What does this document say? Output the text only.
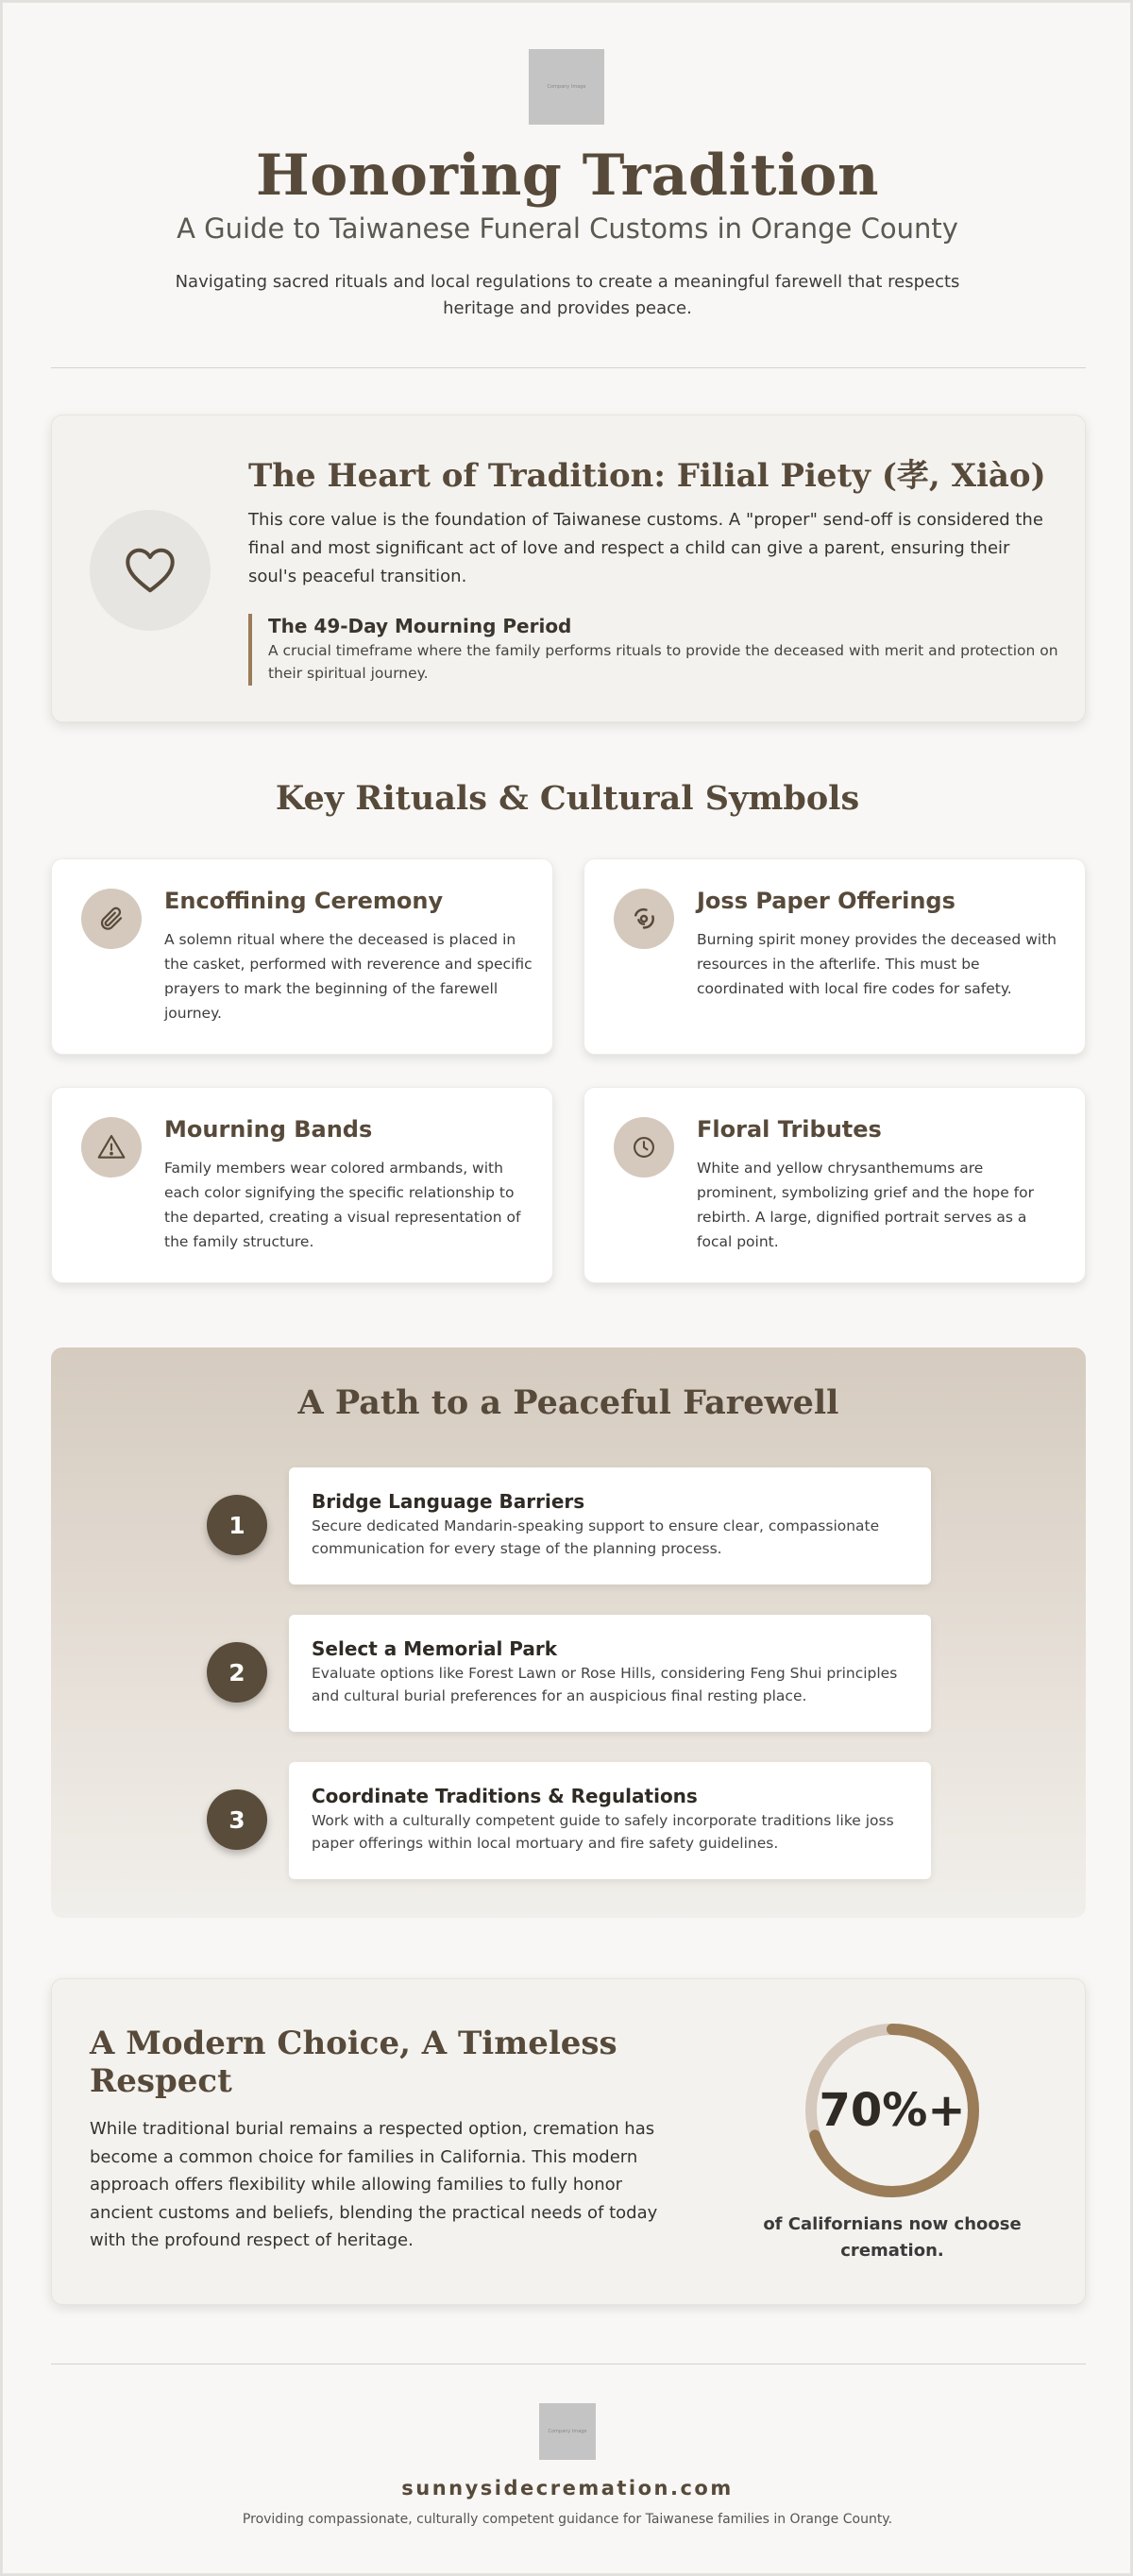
Company Image
Honoring Tradition
A Guide to Taiwanese Funeral Customs in Orange County
Navigating sacred rituals and local regulations to create a meaningful farewell that respects heritage and provides peace.
The Heart of Tradition: Filial Piety (孝, Xiào)
This core value is the foundation of Taiwanese customs. A "proper" send-off is considered the final and most significant act of love and respect a child can give a parent, ensuring their soul's peaceful transition.
The 49-Day Mourning Period
A crucial timeframe where the family performs rituals to provide the deceased with merit and protection on their spiritual journey.
Key Rituals & Cultural Symbols
Encoffining Ceremony
A solemn ritual where the deceased is placed in the casket, performed with reverence and specific prayers to mark the beginning of the farewell journey.
Joss Paper Offerings
Burning spirit money provides the deceased with resources in the afterlife. This must be coordinated with local fire codes for safety.
Mourning Bands
Family members wear colored armbands, with each color signifying the specific relationship to the departed, creating a visual representation of the family structure.
Floral Tributes
White and yellow chrysanthemums are prominent, symbolizing grief and the hope for rebirth. A large, dignified portrait serves as a focal point.
A Path to a Peaceful Farewell
1
Bridge Language Barriers
Secure dedicated Mandarin-speaking support to ensure clear, compassionate communication for every stage of the planning process.
2
Select a Memorial Park
Evaluate options like Forest Lawn or Rose Hills, considering Feng Shui principles and cultural burial preferences for an auspicious final resting place.
3
Coordinate Traditions & Regulations
Work with a culturally competent guide to safely incorporate traditions like joss paper offerings within local mortuary and fire safety guidelines.
A Modern Choice, A Timeless Respect
While traditional burial remains a respected option, cremation has become a common choice for families in California. This modern approach offers flexibility while allowing families to fully honor ancient customs and beliefs, blending the practical needs of today with the profound respect of heritage.
70%+
of Californians now choose cremation.
Company Image
sunnysidecremation.com
Providing compassionate, culturally competent guidance for Taiwanese families in Orange County.
